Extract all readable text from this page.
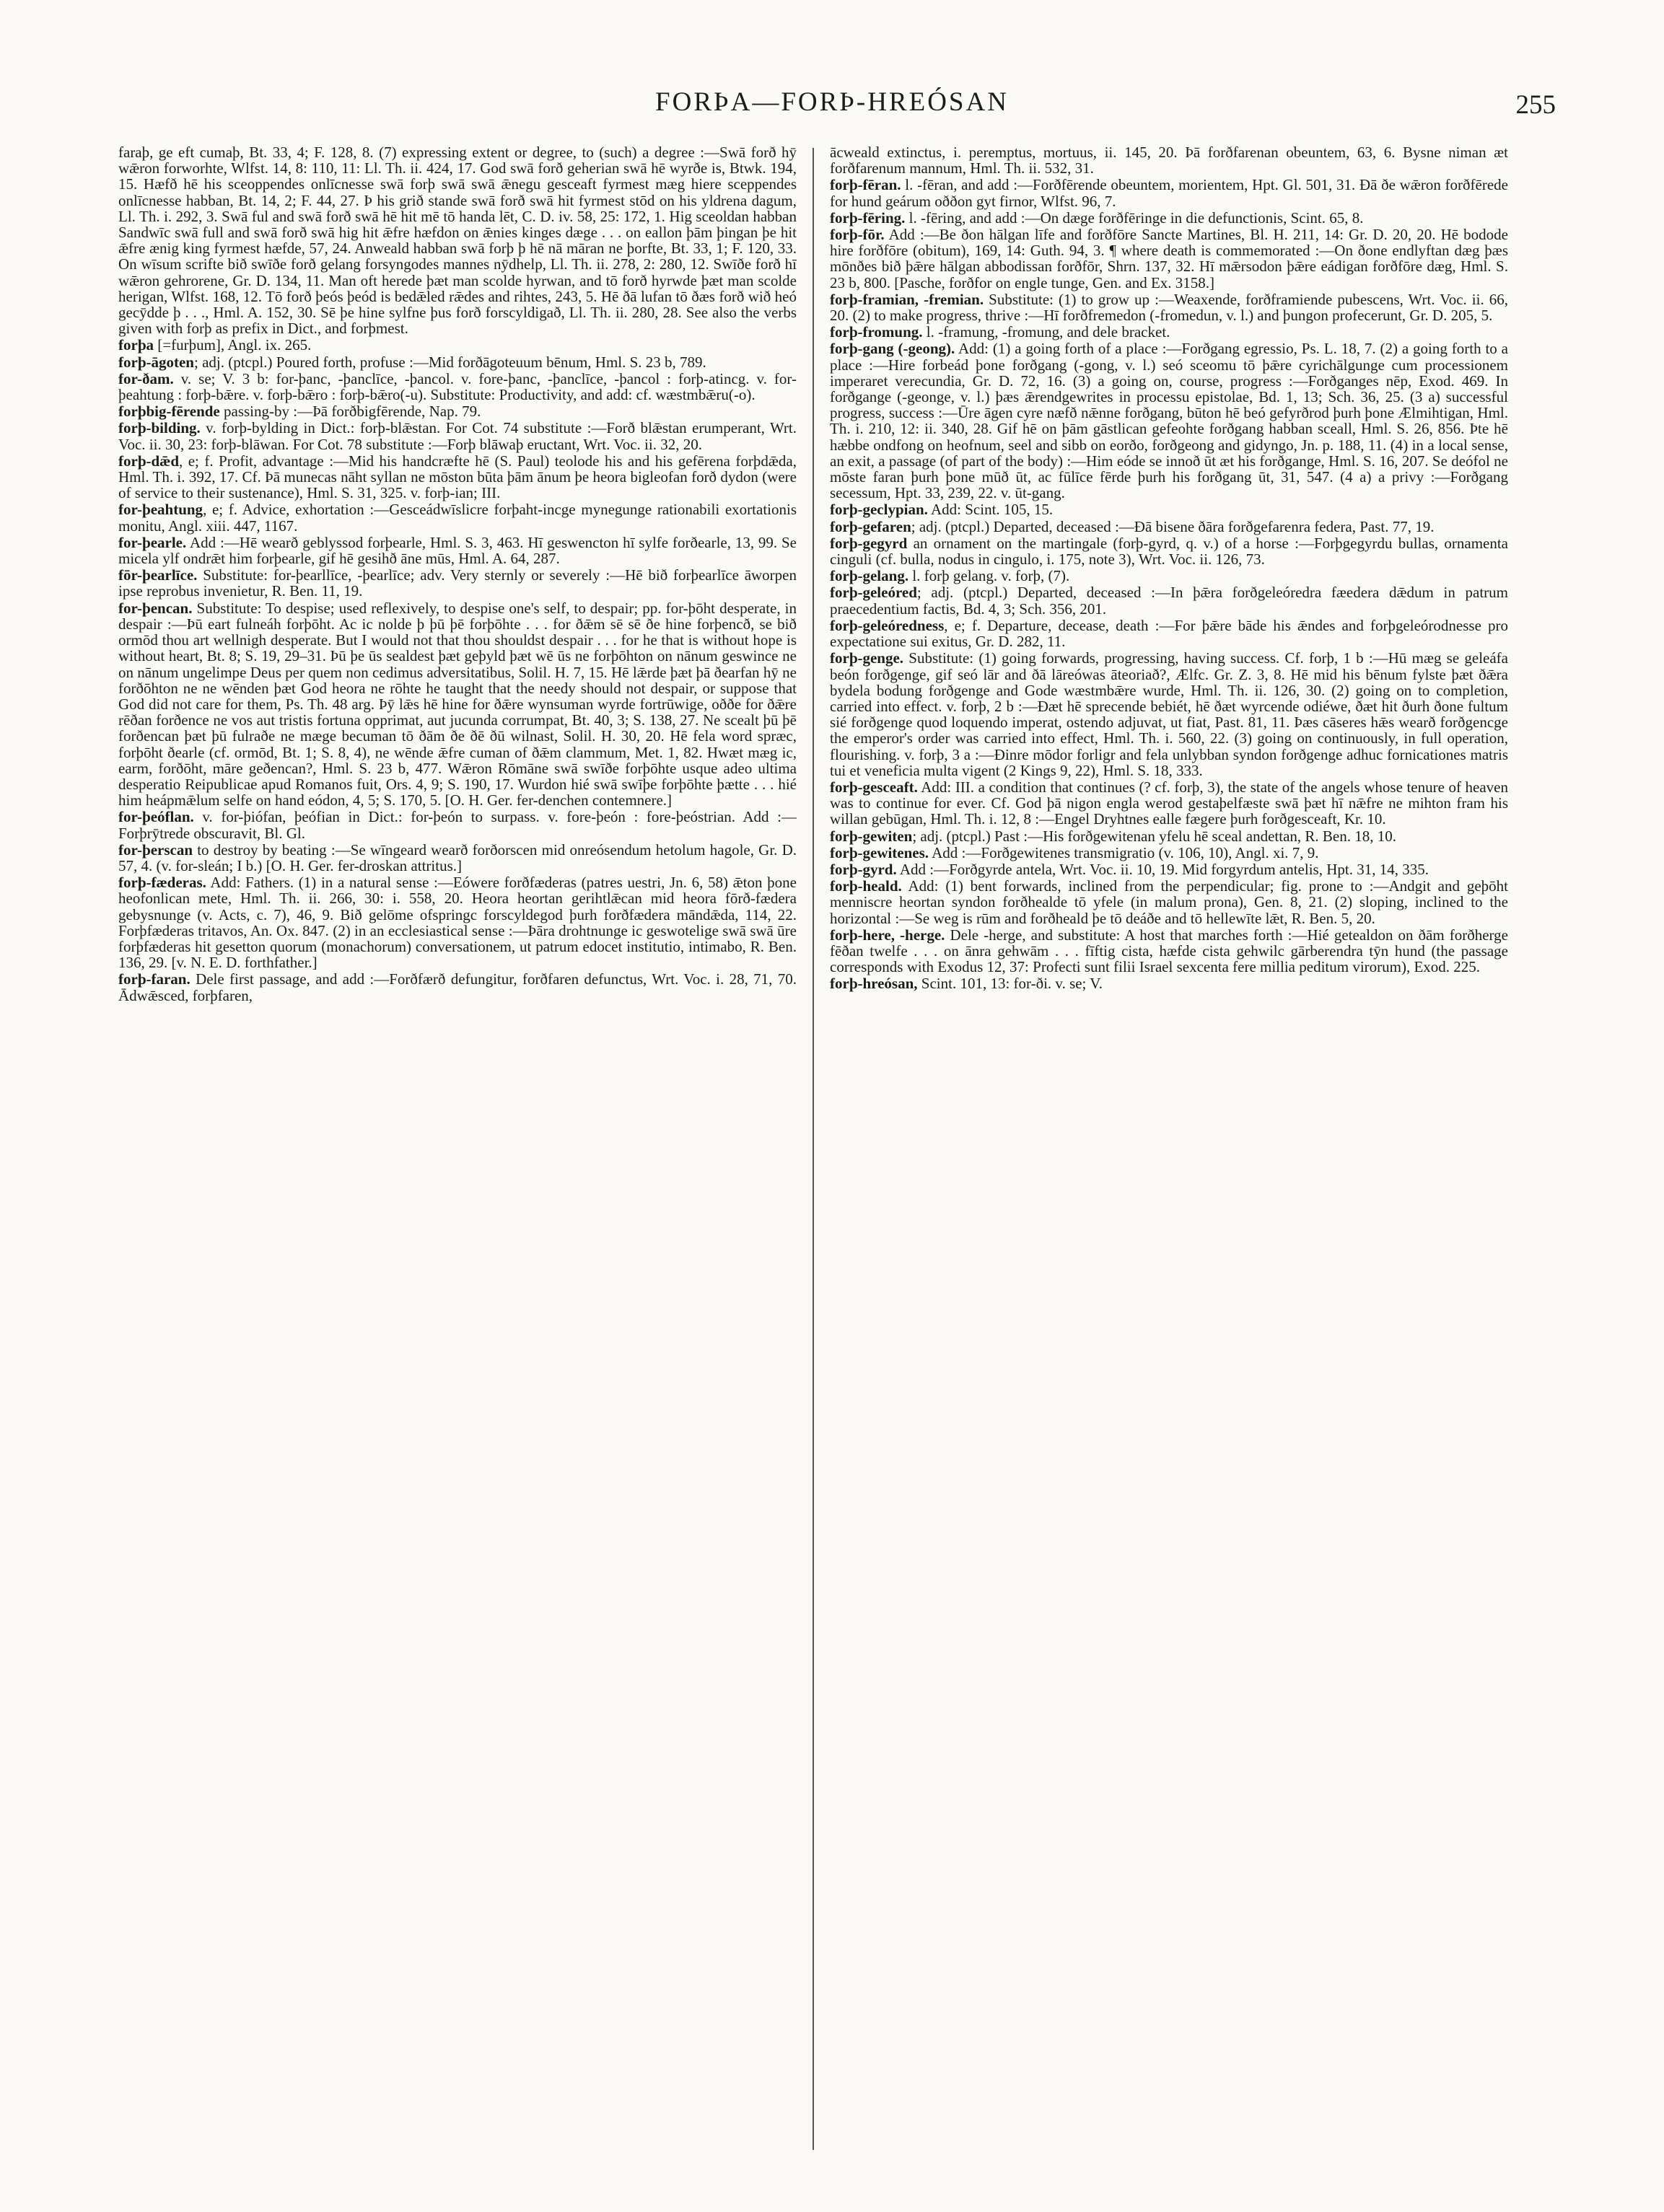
FORÞA—FORÞ-HREÓSAN	255

faraþ, ge eft cumaþ, Bt. 33, 4; F. 128, 8. (7) expressing extent or degree, to (such) a degree :—Swā forð hȳ wǣron forworhte, Wlfst. 14, 8: 110, 11: Ll. Th. ii. 424, 17. God swā forð geherian swā hē wyrðe is, Btwk. 194, 15. Hæfð hē his sceoppendes onlīcnesse swā forþ swā swā ǣnegu gesceaft fyrmest mæg hiere sceppendes onlīcnesse habban, Bt. 14, 2; F. 44, 27. Þ his grið stande swā forð swā hit fyrmest stōd on his yldrena dagum, Ll. Th. i. 292, 3. Swā ful and swā forð swā hē hit mē tō handa lēt, C. D. iv. 58, 25: 172, 1. Hig sceoldan habban Sandwīc swā full and swā forð swā hig hit ǣfre hæfdon on ǣnies kinges dæge . . . on eallon þām þingan þe hit ǣfre ænig king fyrmest hæfde, 57, 24. Anweald habban swā forþ þ hē nā māran ne þorfte, Bt. 33, 1; F. 120, 33. On wīsum scrifte bið swīðe forð gelang forsyngodes mannes nȳdhelp, Ll. Th. ii. 278, 2: 280, 12. Swīðe forð hī wǣron gehrorene, Gr. D. 134, 11. Man oft herede þæt man scolde hyrwan, and tō forð hyrwde þæt man scolde herigan, Wlfst. 168, 12. Tō forð þeós þeód is bedǣled rǣdes and rihtes, 243, 5. Hē ðā lufan tō ðæs forð wið heó gecȳdde þ . . ., Hml. A. 152, 30. Sē þe hine sylfne þus forð forscyldigað, Ll. Th. ii. 280, 28. See also the verbs given with forþ as prefix in Dict., and forþmest.

forþa [=furþum], Angl. ix. 265.

forþ-āgoten; adj. (ptcpl.) Poured forth, profuse :—Mid forðāgoteuum bēnum, Hml. S. 23 b, 789.

for-ðam. v. se; V. 3 b: for-þanc, -þanclīce, -þancol. v. fore-þanc, -þanclīce, -þancol : forþ-atincg. v. for-þeahtung : forþ-bǣre. v. forþ-bǣro : forþ-bǣro(-u). Substitute: Productivity, and add: cf. wæstmbǣru(-o).

forþbig-fērende passing-by :—Þā forðbigfērende, Nap. 79.

forþ-bilding. v. forþ-bylding in Dict.: forþ-blǣstan. For Cot. 74 substitute :—Forð blǣstan erumperant, Wrt. Voc. ii. 30, 23: forþ-blāwan. For Cot. 78 substitute :—Forþ blāwaþ eructant, Wrt. Voc. ii. 32, 20.

forþ-dǣd, e; f. Profit, advantage :—Mid his handcræfte hē (S. Paul) teolode his and his gefērena forþdǣda, Hml. Th. i. 392, 17. Cf. Þā munecas nāht syllan ne mōston būta þām ānum þe heora bigleofan forð dydon (were of service to their sustenance), Hml. S. 31, 325. v. forþ-ian; III.

for-þeahtung, e; f. Advice, exhortation :—Gesceádwīslicre forþaht-incge mynegunge rationabili exortationis monitu, Angl. xiii. 447, 1167.

for-þearle. Add :—Hē wearð geblyssod forþearle, Hml. S. 3, 463. Hī geswencton hī sylfe forðearle, 13, 99. Se micela ylf ondrǣt him forþearle, gif hē gesihð āne mūs, Hml. A. 64, 287.

fōr-þearlīce. Substitute: for-þearllīce, -þearlīce; adv. Very sternly or severely :—Hē bið forþearlīce āworpen ipse reprobus invenietur, R. Ben. 11, 19.

for-þencan. Substitute: To despise; used reflexively, to despise one's self, to despair; pp. for-þōht desperate, in despair :—Þū eart fulneáh forþōht. Ac ic nolde þ þū þē forþōhte . . . for ðǣm sē sē ðe hine forþencð, se bið ormōd thou art wellnigh desperate. But I would not that thou shouldst despair . . . for he that is without hope is without heart, Bt. 8; S. 19, 29–31. Þū þe ūs sealdest þæt geþyld þæt wē ūs ne forþōhton on nānum geswince ne on nānum ungelimpe Deus per quem non cedimus adversitatibus, Solil. H. 7, 15. Hē lǣrde þæt þā ðearfan hȳ ne forðōhton ne ne wēnden þæt God heora ne rōhte he taught that the needy should not despair, or suppose that God did not care for them, Ps. Th. 48 arg. Þȳ lǣs hē hine for ðǣre wynsuman wyrde fortrūwige, oððe for ðǣre rēðan forðence ne vos aut tristis fortuna opprimat, aut jucunda corrumpat, Bt. 40, 3; S. 138, 27. Ne scealt þū þē forðencan þæt þū fulraðe ne mæge becuman tō ðām ðe ðē ðū wilnast, Solil. H. 30, 20. Hē fela word spræc, forþōht ðearle (cf. ormōd, Bt. 1; S. 8, 4), ne wēnde ǣfre cuman of ðǣm clammum, Met. 1, 82. Hwæt mæg ic, earm, forðōht, māre geðencan?, Hml. S. 23 b, 477. Wǣron Rōmāne swā swīðe forþōhte usque adeo ultima desperatio Reipublicae apud Romanos fuit, Ors. 4, 9; S. 190, 17. Wurdon hié swā swīþe forþōhte þætte . . . hié him heápmǣlum selfe on hand eódon, 4, 5; S. 170, 5. [O. H. Ger. fer-denchen contemnere.]

for-þeóflan. v. for-þiófan, þeófian in Dict.: for-þeón to surpass. v. fore-þeón : fore-þeóstrian. Add :—Forþrȳtrede obscuravit, Bl. Gl.

for-þerscan to destroy by beating :—Se wīngeard wearð forðorscen mid onreósendum hetolum hagole, Gr. D. 57, 4. (v. for-sleán; I b.) [O. H. Ger. fer-droskan attritus.]

forþ-fæderas. Add: Fathers. (1) in a natural sense :—Eówere forðfæderas (patres uestri, Jn. 6, 58) ǣton þone heofonlican mete, Hml. Th. ii. 266, 30: i. 558, 20. Heora heortan gerihtlǣcan mid heora fōrð-fædera gebysnunge (v. Acts, c. 7), 46, 9. Bið gelōme ofspringc forscyldegod þurh forðfædera māndǣda, 114, 22. Forþfæderas tritavos, An. Ox. 847. (2) in an ecclesiastical sense :—Þāra drohtnunge ic geswotelige swā swā ūre forþfæderas hit gesetton quorum (monachorum) conversationem, ut patrum edocet institutio, intimabo, R. Ben. 136, 29. [v. N. E. D. forthfather.]

forþ-faran. Dele first passage, and add :—Forðfærð defungitur, forðfaren defunctus, Wrt. Voc. i. 28, 71, 70. Ādwǣsced, forþfaren,

ācweald extinctus, i. peremptus, mortuus, ii. 145, 20. Þā forðfarenan obeuntem, 63, 6. Bysne niman æt forðfarenum mannum, Hml. Th. ii. 532, 31.

forþ-fēran. l. -fēran, and add :—Forðfērende obeuntem, morientem, Hpt. Gl. 501, 31. Ðā ðe wǣron forðfērede for hund geárum oððon gyt firnor, Wlfst. 96, 7.

forþ-fēring. l. -fēring, and add :—On dæge forðfēringe in die defunctionis, Scint. 65, 8.

forþ-fōr. Add :—Be ðon hālgan līfe and forðfōre Sancte Martines, Bl. H. 211, 14: Gr. D. 20, 20. Hē bodode hire forðfōre (obitum), 169, 14: Guth. 94, 3. ¶ where death is commemorated :—On ðone endlyftan dæg þæs mōnðes bið þǣre hālgan abbodissan forðfōr, Shrn. 137, 32. Hī mǣrsodon þǣre eádigan forðfōre dæg, Hml. S. 23 b, 800. [Pasche, forðfor on engle tunge, Gen. and Ex. 3158.]

forþ-framian, -fremian. Substitute: (1) to grow up :—Weaxende, forðframiende pubescens, Wrt. Voc. ii. 66, 20. (2) to make progress, thrive :—Hī forðfremedon (-fromedun, v. l.) and þungon profecerunt, Gr. D. 205, 5.

forþ-fromung. l. -framung, -fromung, and dele bracket.

forþ-gang (-geong). Add: (1) a going forth of a place :—Forðgang egressio, Ps. L. 18, 7. (2) a going forth to a place :—Hire forbeád þone forðgang (-gong, v. l.) seó sceomu tō þǣre cyrichālgunge cum processionem imperaret verecundia, Gr. D. 72, 16. (3) a going on, course, progress :—Forðganges nēp, Exod. 469. In forðgange (-geonge, v. l.) þæs ǣrendgewrites in processu epistolae, Bd. 1, 13; Sch. 36, 25. (3 a) successful progress, success :—Ūre āgen cyre næfð nǣnne forðgang, būton hē beó gefyrðrod þurh þone Ælmihtigan, Hml. Th. i. 210, 12: ii. 340, 28. Gif hē on þām gāstlican gefeohte forðgang habban sceall, Hml. S. 26, 856. Þte hē hæbbe ondfong on heofnum, seel and sibb on eorðo, forðgeong and gidyngo, Jn. p. 188, 11. (4) in a local sense, an exit, a passage (of part of the body) :—Him eóde se innoð ūt æt his forðgange, Hml. S. 16, 207. Se deófol ne mōste faran þurh þone mūð ūt, ac fūlīce fērde þurh his forðgang ūt, 31, 547. (4 a) a privy :—Forðgang secessum, Hpt. 33, 239, 22. v. ūt-gang.

forþ-geclypian. Add: Scint. 105, 15.

forþ-gefaren; adj. (ptcpl.) Departed, deceased :—Ðā bisene ðāra forðgefarenra federa, Past. 77, 19.

forþ-gegyrd an ornament on the martingale (forþ-gyrd, q. v.) of a horse :—Forþgegyrdu bullas, ornamenta cinguli (cf. bulla, nodus in cingulo, i. 175, note 3), Wrt. Voc. ii. 126, 73.

forþ-gelang. l. forþ gelang. v. forþ, (7).

forþ-geleóred; adj. (ptcpl.) Departed, deceased :—In þǣra forðgeleóredra fæedera dǣdum in patrum praecedentium factis, Bd. 4, 3; Sch. 356, 201.

forþ-geleóredness, e; f. Departure, decease, death :—For þǣre bāde his ǣndes and forþgeleórodnesse pro expectatione sui exitus, Gr. D. 282, 11.

forþ-genge. Substitute: (1) going forwards, progressing, having success. Cf. forþ, 1 b :—Hū mæg se geleáfa beón forðgenge, gif seó lār and ðā lāreówas āteoriað?, Ælfc. Gr. Z. 3, 8. Hē mid his bēnum fylste þæt ðǣra bydela bodung forðgenge and Gode wæstmbǣre wurde, Hml. Th. ii. 126, 30. (2) going on to completion, carried into effect. v. forþ, 2 b :—Ðæt hē sprecende bebiét, hē ðæt wyrcende odiéwe, ðæt hit ðurh ðone fultum sié forðgenge quod loquendo imperat, ostendo adjuvat, ut fiat, Past. 81, 11. Þæs cāseres hǣs wearð forðgencge the emperor's order was carried into effect, Hml. Th. i. 560, 22. (3) going on continuously, in full operation, flourishing. v. forþ, 3 a :—Ðinre mōdor forligr and fela unlybban syndon forðgenge adhuc fornicationes matris tui et veneficia multa vigent (2 Kings 9, 22), Hml. S. 18, 333.

forþ-gesceaft. Add: III. a condition that continues (? cf. forþ, 3), the state of the angels whose tenure of heaven was to continue for ever. Cf. God þā nigon engla werod gestaþelfæste swā þæt hī nǣfre ne mihton fram his willan gebūgan, Hml. Th. i. 12, 8 :—Engel Dryhtnes ealle fægere þurh forðgesceaft, Kr. 10.

forþ-gewiten; adj. (ptcpl.) Past :—His forðgewitenan yfelu hē sceal andettan, R. Ben. 18, 10.

forþ-gewitenes. Add :—Forðgewitenes transmigratio (v. 106, 10), Angl. xi. 7, 9.

forþ-gyrd. Add :—Forðgyrde antela, Wrt. Voc. ii. 10, 19. Mid forgyrdum antelis, Hpt. 31, 14, 335.

forþ-heald. Add: (1) bent forwards, inclined from the perpendicular; fig. prone to :—Andgit and geþōht menniscre heortan syndon forðhealde tō yfele (in malum prona), Gen. 8, 21. (2) sloping, inclined to the horizontal :—Se weg is rūm and forðheald þe tō deáðe and tō hellewīte lǣt, R. Ben. 5, 20.

forþ-here, -herge. Dele -herge, and substitute: A host that marches forth :—Hié getealdon on ðām forðherge fēðan twelfe . . . on ānra gehwām . . . fīftig cista, hæfde cista gehwilc gārberendra tȳn hund (the passage corresponds with Exodus 12, 37: Profecti sunt filii Israel sexcenta fere millia peditum virorum), Exod. 225.

forþ-hreósan, Scint. 101, 13: for-ði. v. se; V.
